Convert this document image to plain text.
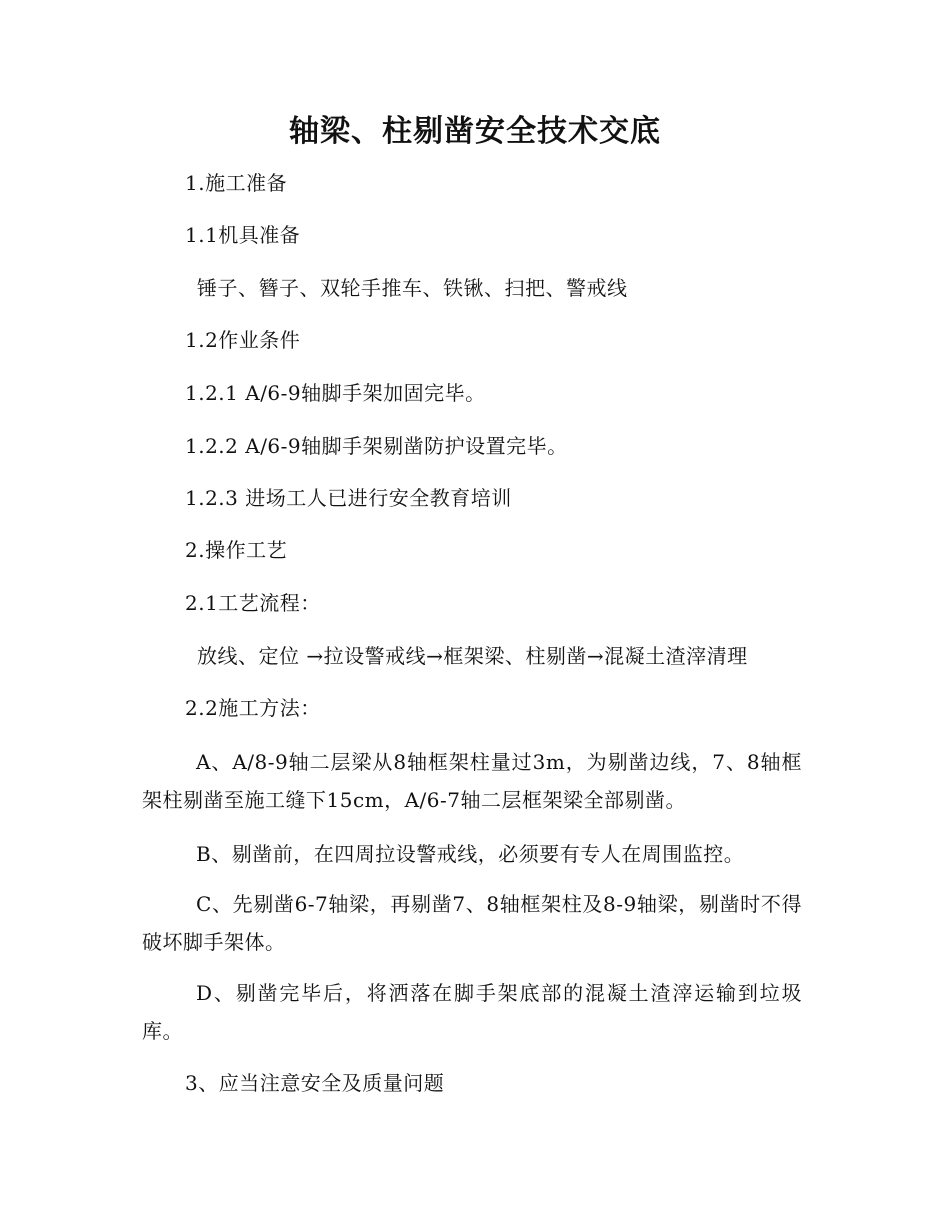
轴梁、柱剔凿安全技术交底
1.施工准备
1.1机具准备
锤子、簪子、双轮手推车、铁锹、扫把、警戒线
1.2作业条件
1.2.1 A/6-9轴脚手架加固完毕。
1.2.2 A/6-9轴脚手架剔凿防护设置完毕。
1.2.3 进场工人已进行安全教育培训
2.操作工艺
2.1工艺流程：
放线、定位 →拉设警戒线→框架梁、柱剔凿→混凝土渣滓清理
2.2施工方法：
A、A/8-9轴二层梁从8轴框架柱量过3m，为剔凿边线，7、8轴框架柱剔凿至施工缝下15cm，A/6-7轴二层框架梁全部剔凿。
B、剔凿前，在四周拉设警戒线，必须要有专人在周围监控。
C、先剔凿6-7轴梁，再剔凿7、8轴框架柱及8-9轴梁，剔凿时不得破坏脚手架体。
D、剔凿完毕后，将洒落在脚手架底部的混凝土渣滓运输到垃圾库。
3、应当注意安全及质量问题
